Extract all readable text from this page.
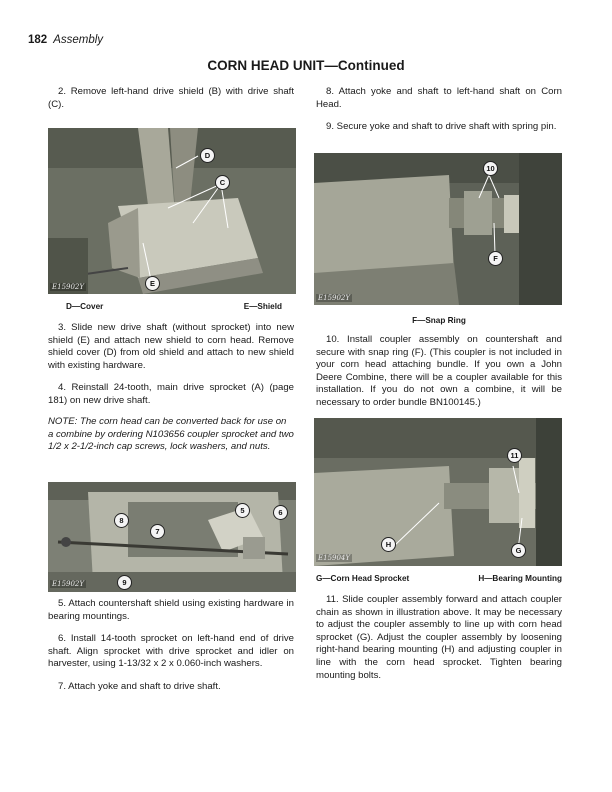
182 Assembly
CORN HEAD UNIT—Continued

2. Remove left-hand drive shield (B) with drive shaft (C).

D
C
E
E15902Y
D—Cover	E—Shield

3. Slide new drive shaft (without sprocket) into new shield (E) and attach new shield to corn head. Remove shield cover (D) from old shield and attach to new shield with existing hardware.

4. Reinstall 24-tooth, main drive sprocket (A) (page 181) on new drive shaft.

NOTE: The corn head can be converted back for use on a combine by ordering N103656 coupler sprocket and two 1/2 x 2-1/2-inch cap screws, lock washers, and nuts.
8
7
5	6
9
E15902Y

5. Attach countershaft shield using existing hardware in bearing mountings.

6. Install 14-tooth sprocket on left-hand end of drive shaft. Align sprocket with drive sprocket and idler on harvester, using 1-13/32 x 2 x 0.060-inch washers.

7. Attach yoke and shaft to drive shaft.

8. Attach yoke and shaft to left-hand shaft on Corn Head.

9. Secure yoke and shaft to drive shaft with spring pin.

10
F
E15902Y
F—Snap Ring

10. Install coupler assembly on countershaft and secure with snap ring (F). (This coupler is not included in your corn head attaching bundle. If you own a John Deere Combine, there will be a coupler available for this installation. If you do not own a combine, it will be necessary to order bundle BN100145.)

11
H
G
E15904Y
G—Corn Head Sprocket	H—Bearing Mounting

11. Slide coupler assembly forward and attach coupler chain as shown in illustration above. It may be necessary to adjust the coupler assembly to line up with corn head sprocket (G). Adjust the coupler assembly by loosening right-hand bearing mounting (H) and adjusting coupler in line with the corn head sprocket. Tighten bearing mounting bolts.
